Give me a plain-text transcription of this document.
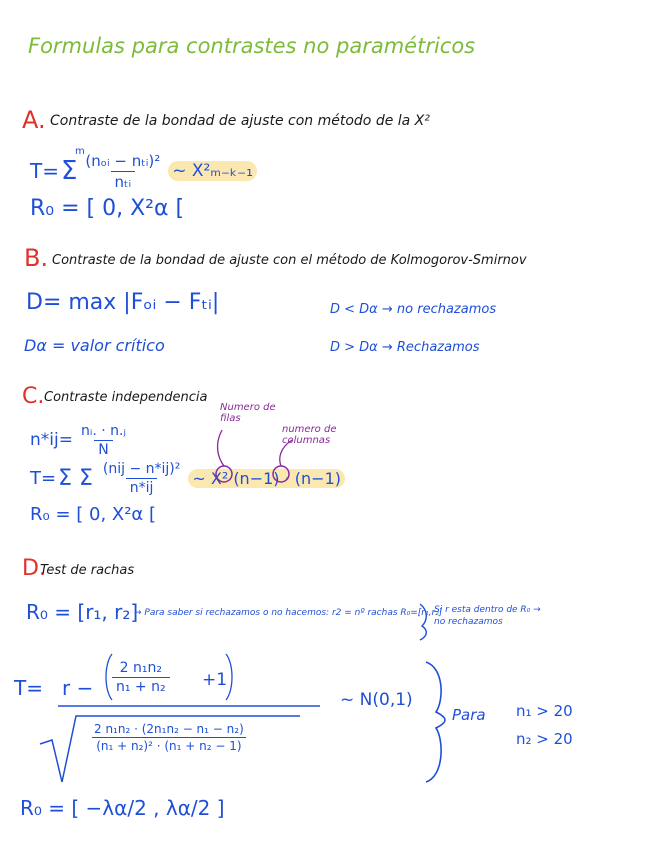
Formulas para contrastes no paramétricos
A. Contraste de la bondad de ajuste con método de la X²
T= Σ
m
$\frac{\text{(nₒᵢ − nₜᵢ)²}}{\text{nₜᵢ}}$ ~ X²ₘ₋ₖ₋₁
R₀ = [ 0, X²α [
B. Contraste de la bondad de ajuste con el método de Kolmogorov-Smirnov
D= max |Fₒᵢ − Fₜᵢ|	D < Dα → no rechazamos
Dα = valor crítico	D > Dα → Rechazamos
C. Contraste independencia
Numero de filas
numero de columnas
$n*ij= \frac{\text{nᵢ. · n.ⱼ}}{N}$
T= Σ Σ $\frac{\text{(nij − n*ij)²}}{n*ij}$ ~ X² (n−1) · (n−1)
R₀ = [ 0, X²α [
D.
Test de rachas
R₀ = [r₁, r₂]
→ Para saber si rechazamos o no hacemos: r2 = nº rachas R₀=[r₁,r₂]
Si r esta dentro de R₀ → no rechazamos
$T= r - \frac{\text{2 n₁n₂}}{\text{n₁ + n₂}} +1$
$\frac{\text{2 n₁n₂ · (2n₁n₂ − n₁ − n₂)}}{\text{(n₁ + n₂)² · (n₁ + n₂ − 1)}}$
~ N(0,1)
Para n₁ > 20
n₂ > 20
R₀ = [ −λα/2 , λα/2 ]
